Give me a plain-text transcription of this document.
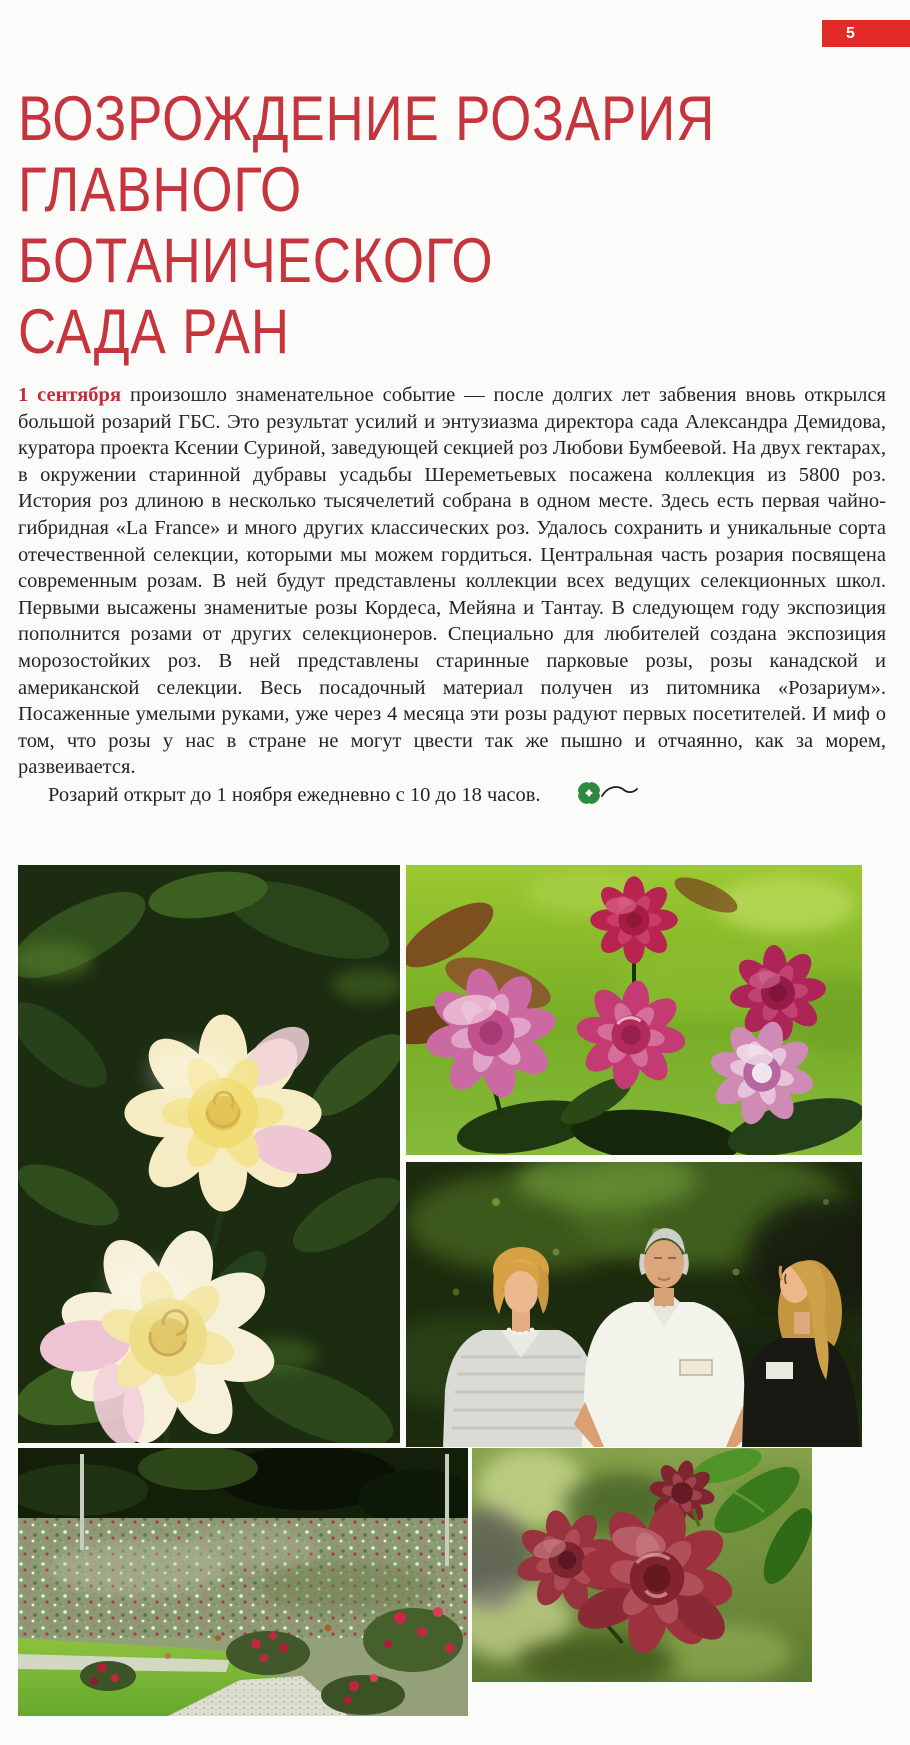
5
ВОЗРОЖДЕНИЕ РОЗАРИЯ
ГЛАВНОГО
БОТАНИЧЕСКОГО
САДА РАН

1 сентября произошло знаменательное событие — после долгих лет забвения вновь открылся большой розарий ГБС. Это результат усилий и энтузиазма директора сада Александра Демидова, куратора проекта Ксении Суриной, заведующей секцией роз Любови Бумбеевой. На двух гектарах, в окружении старинной дубравы усадьбы Шереметьевых посажена коллекция из 5800 роз. История роз длиною в несколько тысячелетий собрана в одном месте. Здесь есть первая чайно-гибридная «La France» и много других классических роз. Удалось сохранить и уникальные сорта отечественной селекции, которыми мы можем гордиться. Центральная часть розария посвящена современным розам. В ней будут представлены коллекции всех ведущих селекционных школ. Первыми высажены знаменитые розы Кордеса, Мейяна и Тантау. В следующем году экспозиция пополнится розами от других селекционеров. Специально для любителей создана экспозиция морозостойких роз. В ней представлены старинные парковые розы, розы канадской и американской селекции. Весь посадочный материал получен из питомника «Розариум». Посаженные умелыми руками, уже через 4 месяца эти розы радуют первых посетителей. И миф о том, что розы у нас в стране не могут цвести так же пышно и отчаянно, как за морем, развеивается.

Розарий открыт до 1 ноября ежедневно с 10 до 18 часов.
